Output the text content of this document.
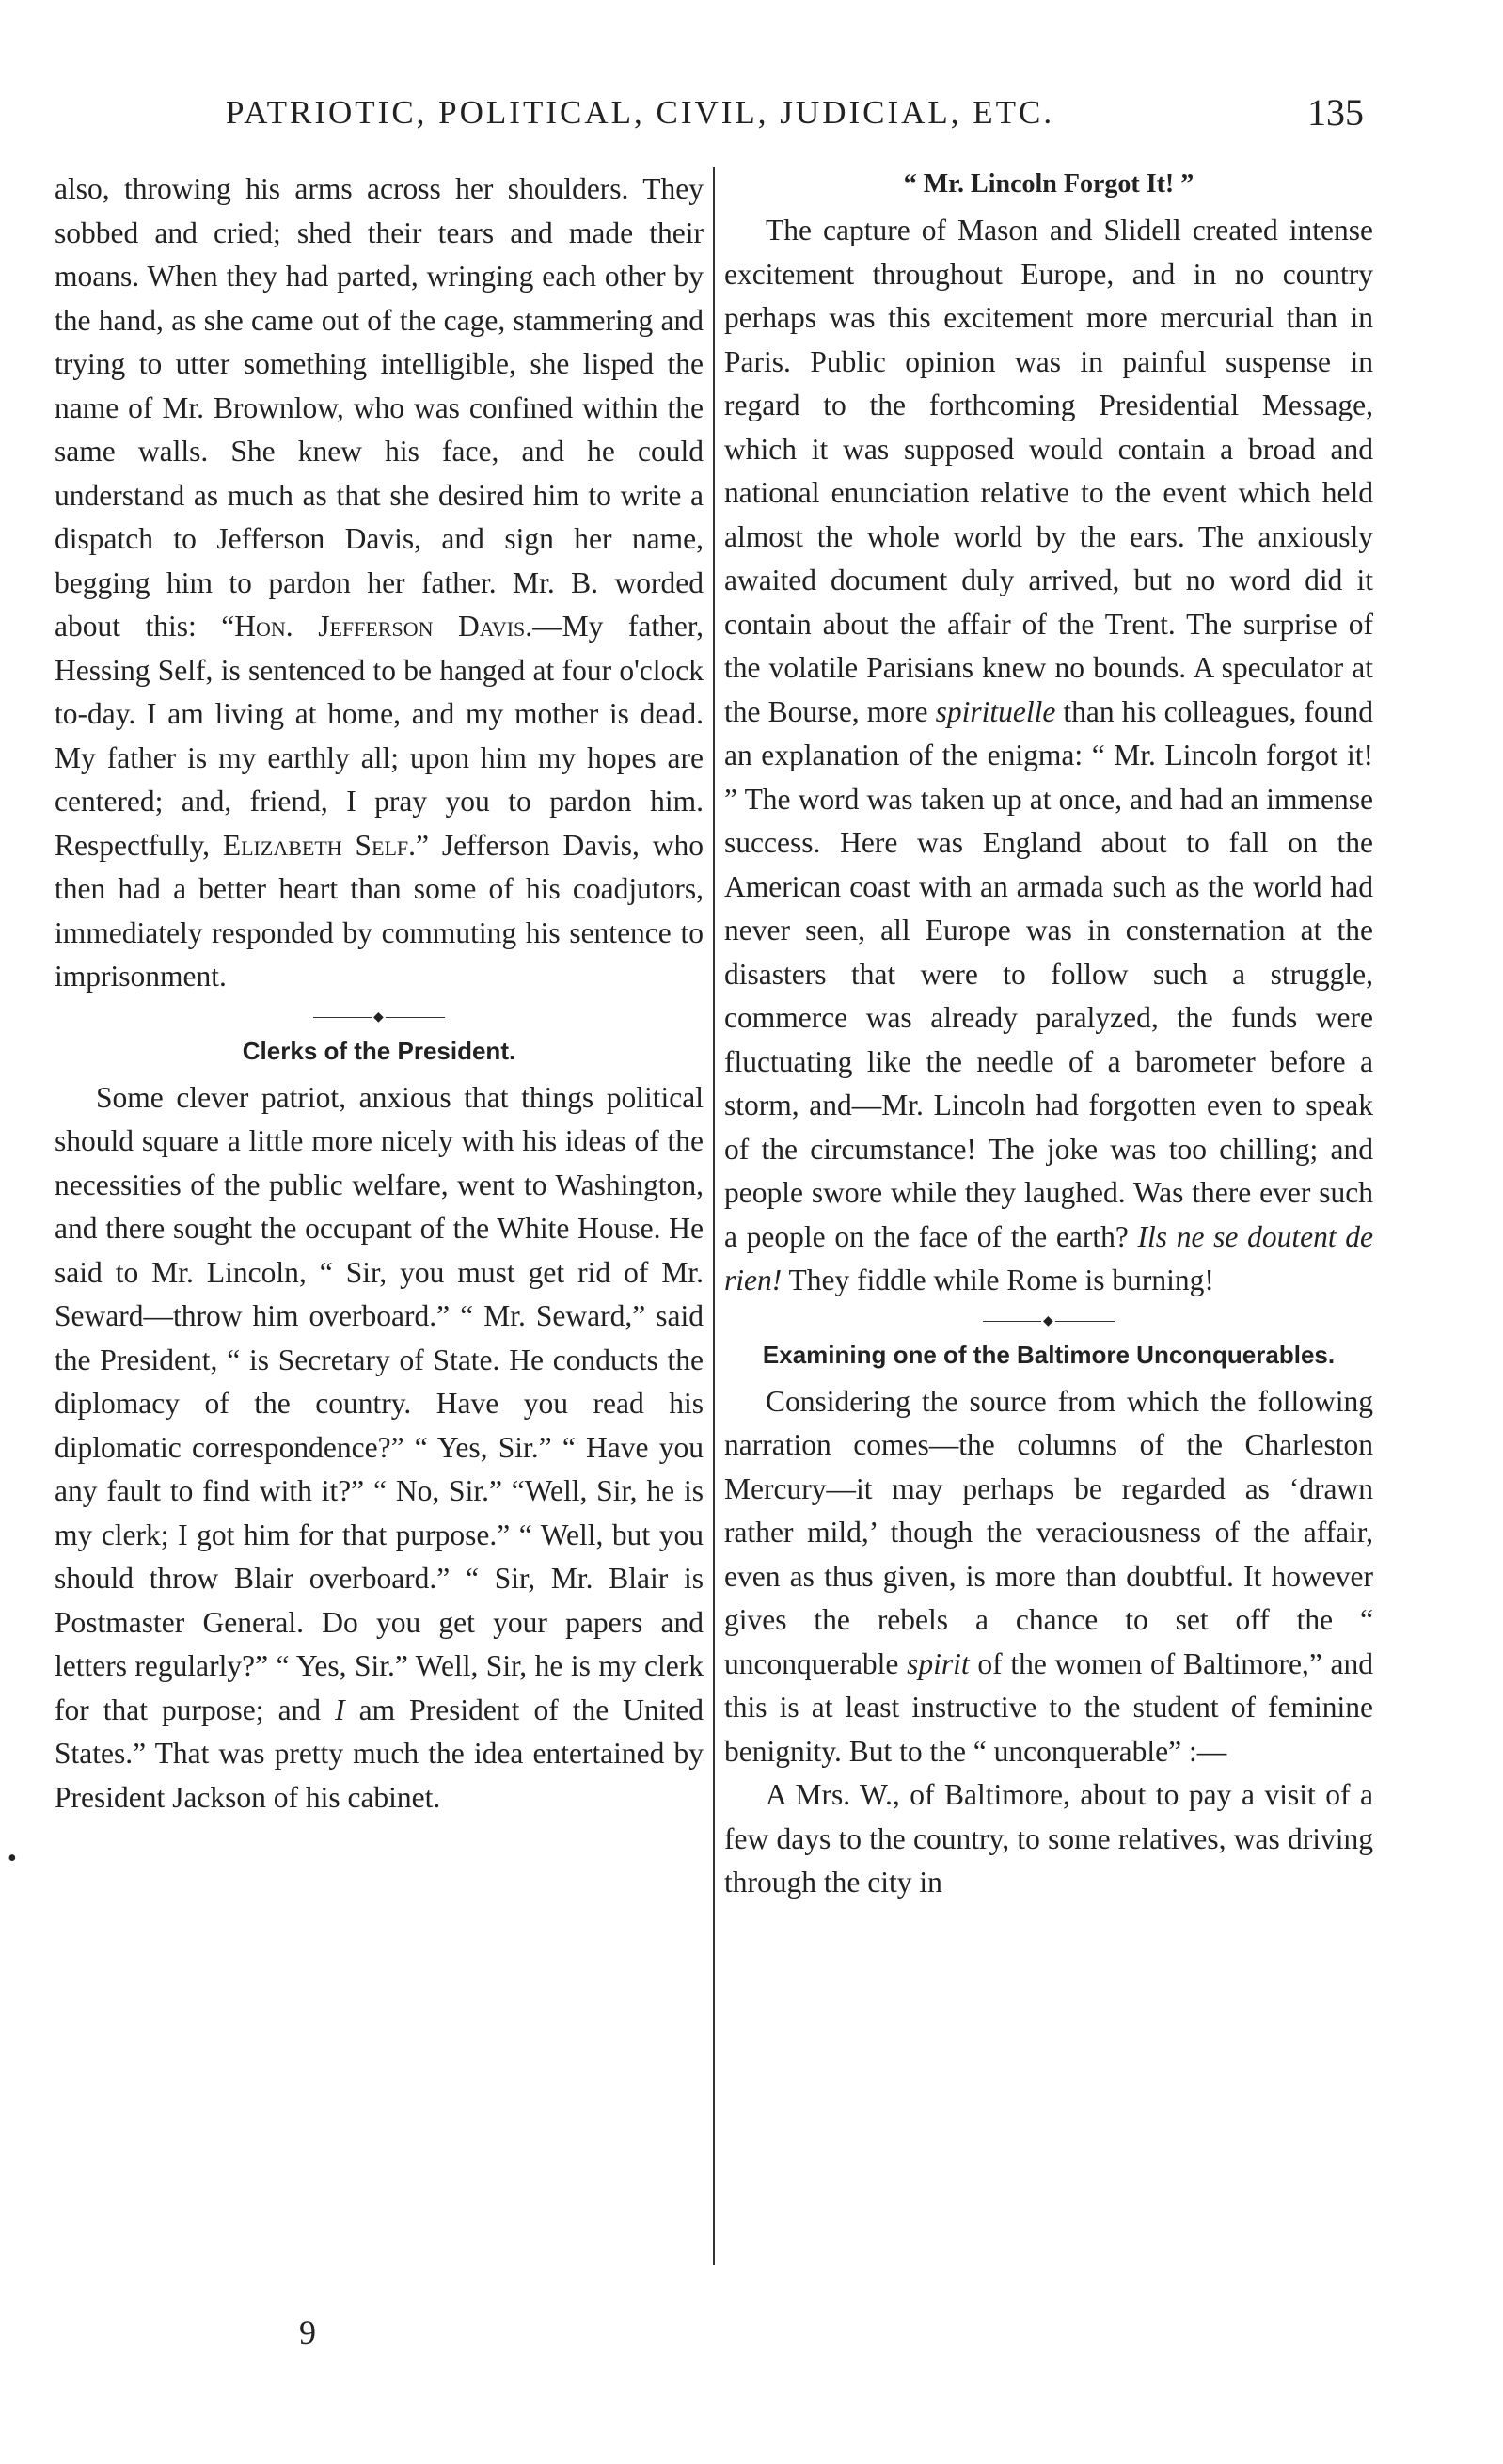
PATRIOTIC, POLITICAL, CIVIL, JUDICIAL, ETC.	135

also, throwing his arms across her shoulders. They sobbed and cried; shed their tears and made their moans. When they had parted, wringing each other by the hand, as she came out of the cage, stammering and trying to utter something intelligible, she lisped the name of Mr. Brownlow, who was confined within the same walls. She knew his face, and he could understand as much as that she desired him to write a dispatch to Jefferson Davis, and sign her name, begging him to pardon her father. Mr. B. worded about this: “Hon. Jefferson Davis.—My father, Hessing Self, is sentenced to be hanged at four o'clock to-day. I am living at home, and my mother is dead. My father is my earthly all; upon him my hopes are centered; and, friend, I pray you to pardon him. Respectfully, Elizabeth Self.” Jefferson Davis, who then had a better heart than some of his coadjutors, immediately responded by commuting his sentence to imprisonment.

◆
Clerks of the President.

Some clever patriot, anxious that things political should square a little more nicely with his ideas of the necessities of the public welfare, went to Washington, and there sought the occupant of the White House. He said to Mr. Lincoln, “ Sir, you must get rid of Mr. Seward—throw him overboard.” “ Mr. Seward,” said the President, “ is Secretary of State. He conducts the diplomacy of the country. Have you read his diplomatic correspondence?” “ Yes, Sir.” “ Have you any fault to find with it?” “ No, Sir.” “Well, Sir, he is my clerk; I got him for that purpose.” “ Well, but you should throw Blair overboard.” “ Sir, Mr. Blair is Postmaster General. Do you get your papers and letters regularly?” “ Yes, Sir.” Well, Sir, he is my clerk for that purpose; and I am President of the United States.” That was pretty much the idea entertained by President Jackson of his cabinet.

“ Mr. Lincoln Forgot It! ”

The capture of Mason and Slidell created intense excitement throughout Europe, and in no country perhaps was this excitement more mercurial than in Paris. Public opinion was in painful suspense in regard to the forthcoming Presidential Message, which it was supposed would contain a broad and national enunciation relative to the event which held almost the whole world by the ears. The anxiously awaited document duly arrived, but no word did it contain about the affair of the Trent. The surprise of the volatile Parisians knew no bounds. A speculator at the Bourse, more spirituelle than his colleagues, found an explanation of the enigma: “ Mr. Lincoln forgot it! ” The word was taken up at once, and had an immense success. Here was England about to fall on the American coast with an armada such as the world had never seen, all Europe was in consternation at the disasters that were to follow such a struggle, commerce was already paralyzed, the funds were fluctuating like the needle of a barometer before a storm, and—Mr. Lincoln had forgotten even to speak of the circumstance! The joke was too chilling; and people swore while they laughed. Was there ever such a people on the face of the earth? Ils ne se doutent de rien! They fiddle while Rome is burning!

◆
Examining one of the Baltimore Unconquerables.

Considering the source from which the following narration comes—the columns of the Charleston Mercury—it may perhaps be regarded as ‘drawn rather mild,’ though the veraciousness of the affair, even as thus given, is more than doubtful. It however gives the rebels a chance to set off the “ unconquerable spirit of the women of Baltimore,” and this is at least instructive to the student of feminine benignity. But to the “ unconquerable” :—

A Mrs. W., of Baltimore, about to pay a visit of a few days to the country, to some relatives, was driving through the city in

9
•
